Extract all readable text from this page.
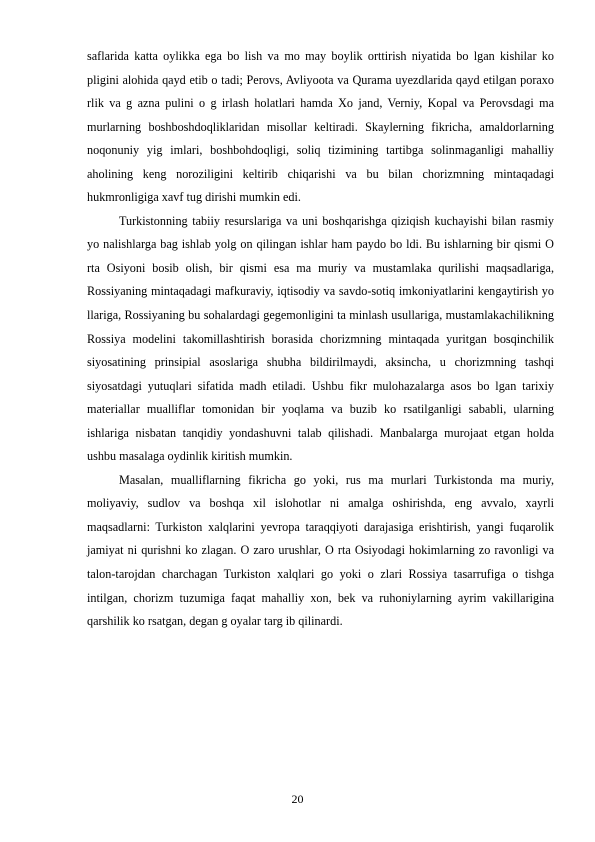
saflarida katta oylikka ega bo lish va mo may boylik orttirish niyatida bo lgan kishilar ko pligini alohida qayd etib o tadi; Perovs, Avliyoota va Qurama uyezdlarida qayd etilgan poraxo rlik va g azna pulini o g irlash holatlari hamda Xo jand, Verniy, Kopal va Perovsdagi ma murlarning boshboshdoqliklaridan misollar keltiradi. Skaylerning fikricha, amaldorlarning noqonuniy yig imlari, boshbohdoqligi, soliq tizimining tartibga solinmaganligi mahalliy aholining keng noroziligini keltirib chiqarishi va bu bilan chorizmning mintaqadagi hukmronligiga xavf tug dirishi mumkin edi.

Turkistonning tabiiy resurslariga va uni boshqarishga qiziqish kuchayishi bilan rasmiy yo nalishlarga bag ishlab yolg on qilingan ishlar ham paydo bo ldi. Bu ishlarning bir qismi O rta Osiyoni bosib olish, bir qismi esa ma muriy va mustamlaka qurilishi maqsadlariga, Rossiyaning mintaqadagi mafkuraviy, iqtisodiy va savdo-sotiq imkoniyatlarini kengaytirish yo llariga, Rossiyaning bu sohalardagi gegemonligini ta minlash usullariga, mustamlakachilikning Rossiya modelini takomillashtirish borasida chorizmning mintaqada yuritgan bosqinchilik siyosatining prinsipial asoslariga shubha bildirilmaydi, aksincha, u chorizmning tashqi siyosatdagi yutuqlari sifatida madh etiladi. Ushbu fikr mulohazalarga asos bo lgan tarixiy materiallar mualliflar tomonidan bir yoqlama va buzib ko rsatilganligi sababli, ularning ishlariga nisbatan tanqidiy yondashuvni talab qilishadi. Manbalarga murojaat etgan holda ushbu masalaga oydinlik kiritish mumkin.

Masalan, mualliflarning fikricha go yoki, rus ma murlari Turkistonda ma muriy, moliyaviy, sudlov va boshqa xil islohotlar ni amalga oshirishda, eng avvalo, xayrli maqsadlarni: Turkiston xalqlarini yevropa taraqqiyoti darajasiga erishtirish, yangi fuqarolik jamiyat ni qurishni ko zlagan. O zaro urushlar, O rta Osiyodagi hokimlarning zo ravonligi va talon-tarojdan charchagan Turkiston xalqlari go yoki o zlari Rossiya tasarrufiga o tishga intilgan, chorizm tuzumiga faqat mahalliy xon, bek va ruhoniylarning ayrim vakillarigina qarshilik ko rsatgan, degan g oyalar targ ib qilinardi.

20
